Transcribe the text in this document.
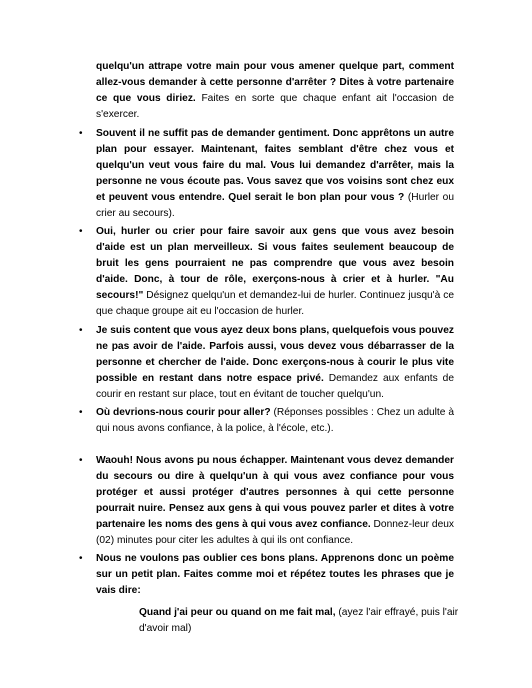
quelqu'un attrape votre main pour vous amener quelque part, comment allez-vous demander à cette personne d'arrêter ? Dites à votre partenaire ce que vous diriez. Faites en sorte que chaque enfant ait l'occasion de s'exercer.
• Souvent il ne suffit pas de demander gentiment. Donc apprêtons un autre plan pour essayer. Maintenant, faites semblant d'être chez vous et quelqu'un veut vous faire du mal. Vous lui demandez d'arrêter, mais la personne ne vous écoute pas. Vous savez que vos voisins sont chez eux et peuvent vous entendre. Quel serait le bon plan pour vous ? (Hurler ou crier au secours).
• Oui, hurler ou crier pour faire savoir aux gens que vous avez besoin d'aide est un plan merveilleux. Si vous faites seulement beaucoup de bruit les gens pourraient ne pas comprendre que vous avez besoin d'aide. Donc, à tour de rôle, exerçons-nous à crier et à hurler. "Au secours!" Désignez quelqu'un et demandez-lui de hurler. Continuez jusqu'à ce que chaque groupe ait eu l'occasion de hurler.
• Je suis content que vous ayez deux bons plans, quelquefois vous pouvez ne pas avoir de l'aide. Parfois aussi, vous devez vous débarrasser de la personne et chercher de l'aide. Donc exerçons-nous à courir le plus vite possible en restant dans notre espace privé. Demandez aux enfants de courir en restant sur place, tout en évitant de toucher quelqu'un.
• Où devrions-nous courir pour aller? (Réponses possibles : Chez un adulte à qui nous avons confiance, à la police, à l'école, etc.).
• Waouh! Nous avons pu nous échapper. Maintenant vous devez demander du secours ou dire à quelqu'un à qui vous avez confiance pour vous protéger et aussi protéger d'autres personnes à qui cette personne pourrait nuire. Pensez aux gens à qui vous pouvez parler et dites à votre partenaire les noms des gens à qui vous avez confiance. Donnez-leur deux (02) minutes pour citer les adultes à qui ils ont confiance.
• Nous ne voulons pas oublier ces bons plans. Apprenons donc un poème sur un petit plan. Faites comme moi et répétez toutes les phrases que je vais dire:
Quand j'ai peur ou quand on me fait mal, (ayez l'air effrayé, puis l'air d'avoir mal)
